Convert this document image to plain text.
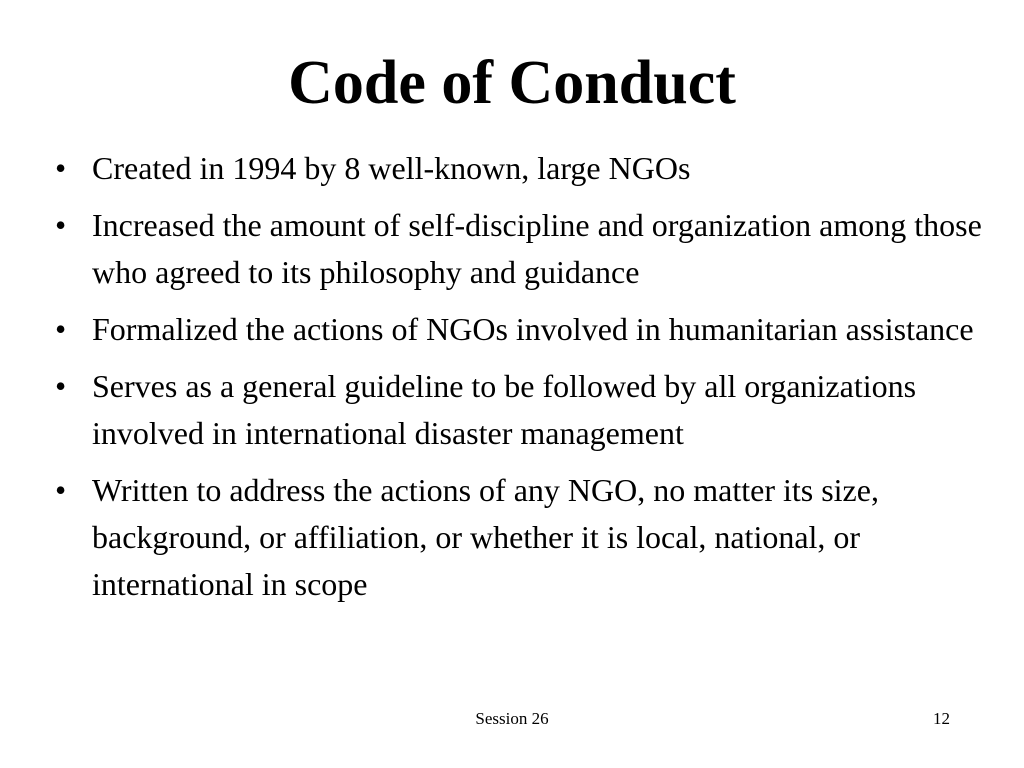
Code of Conduct
• Created in 1994 by 8 well-known, large NGOs
• Increased the amount of self-discipline and organization among those who agreed to its philosophy and guidance
• Formalized the actions of NGOs involved in humanitarian assistance
• Serves as a general guideline to be followed by all organizations involved in international disaster management
• Written to address the actions of any NGO, no matter its size, background, or affiliation, or whether it is local, national, or international in scope
Session 26	12
